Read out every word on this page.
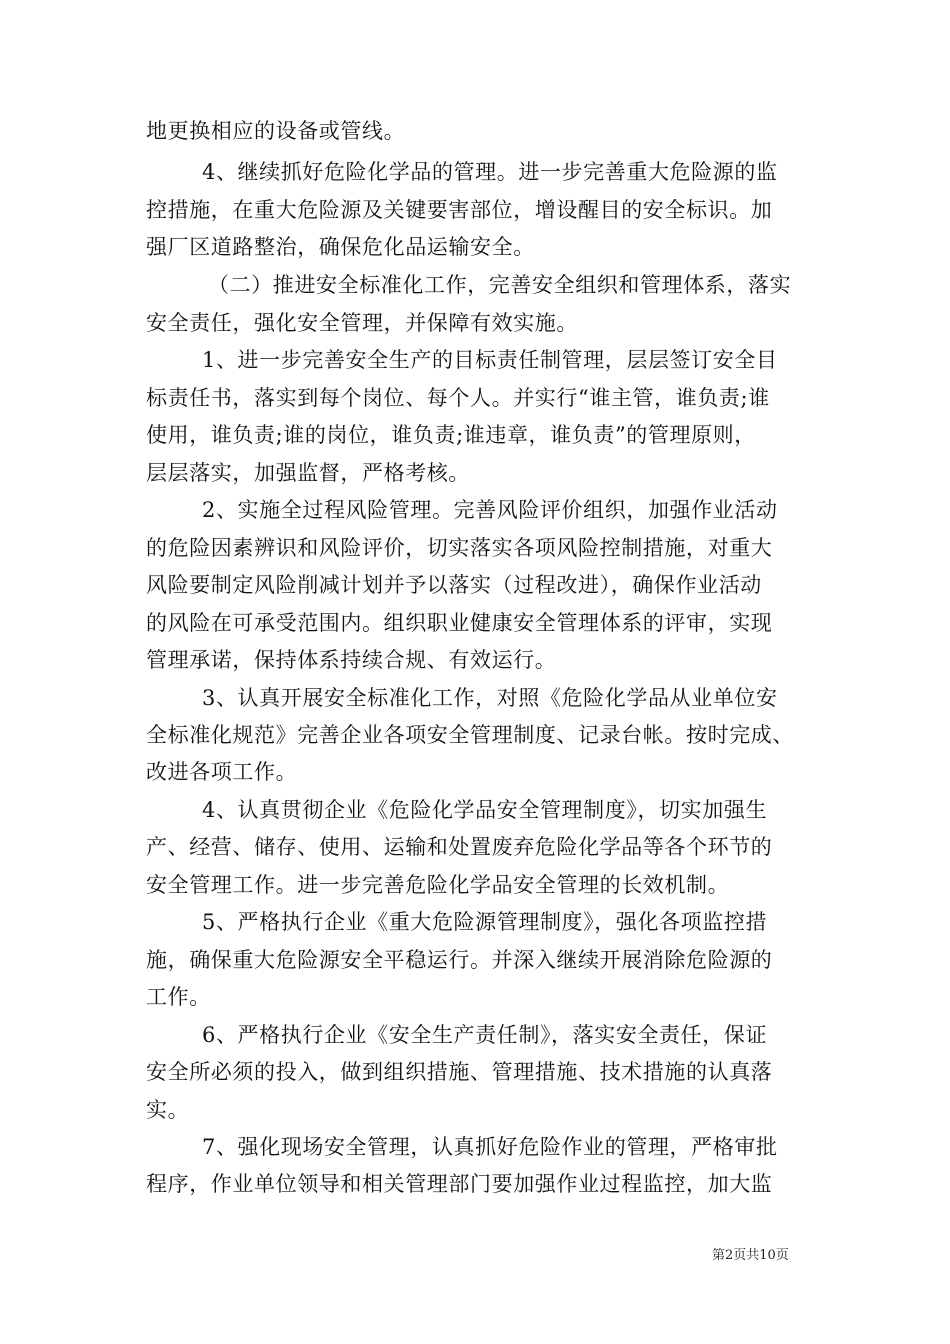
地更换相应的设备或管线。
4、继续抓好危险化学品的管理。进一步完善重大危险源的监
控措施，在重大危险源及关键要害部位，增设醒目的安全标识。加
强厂区道路整治，确保危化品运输安全。
（二）推进安全标准化工作，完善安全组织和管理体系，落实
安全责任，强化安全管理，并保障有效实施。
1、进一步完善安全生产的目标责任制管理，层层签订安全目
标责任书，落实到每个岗位、每个人。并实行“谁主管，谁负责;谁
使用，谁负责;谁的岗位，谁负责;谁违章，谁负责”的管理原则，
层层落实，加强监督，严格考核。
2、实施全过程风险管理。完善风险评价组织，加强作业活动
的危险因素辨识和风险评价，切实落实各项风险控制措施，对重大
风险要制定风险削减计划并予以落实（过程改进），确保作业活动
的风险在可承受范围内。组织职业健康安全管理体系的评审，实现
管理承诺，保持体系持续合规、有效运行。
3、认真开展安全标准化工作，对照《危险化学品从业单位安
全标准化规范》完善企业各项安全管理制度、记录台帐。按时完成、
改进各项工作。
4、认真贯彻企业《危险化学品安全管理制度》，切实加强生
产、经营、储存、使用、运输和处置废弃危险化学品等各个环节的
安全管理工作。进一步完善危险化学品安全管理的长效机制。
5、严格执行企业《重大危险源管理制度》，强化各项监控措
施，确保重大危险源安全平稳运行。并深入继续开展消除危险源的
工作。
6、严格执行企业《安全生产责任制》，落实安全责任，保证
安全所必须的投入，做到组织措施、管理措施、技术措施的认真落
实。
7、强化现场安全管理，认真抓好危险作业的管理，严格审批
程序，作业单位领导和相关管理部门要加强作业过程监控，加大监
第2页共10页
